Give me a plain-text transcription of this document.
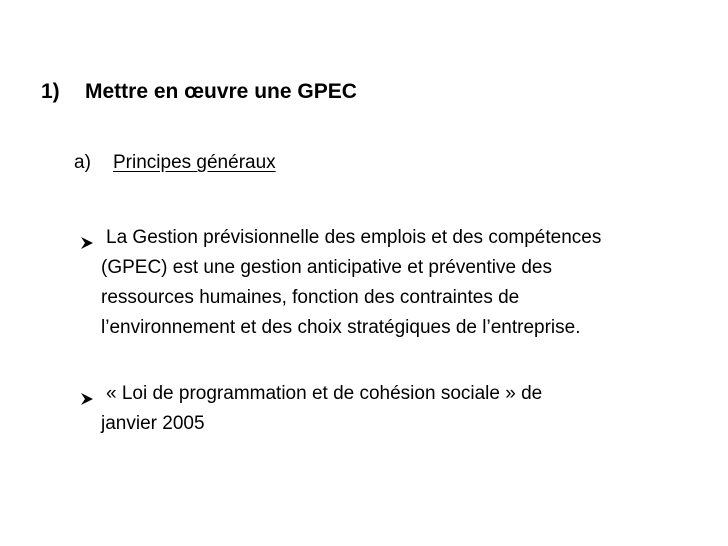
1) Mettre en œuvre une GPEC
a) Principes généraux
La Gestion prévisionnelle des emplois et des compétences
(GPEC) est une gestion anticipative et préventive des
ressources humaines, fonction des contraintes de
l’environnement et des choix stratégiques de l’entreprise.
« Loi de programmation et de cohésion sociale » de
janvier 2005
